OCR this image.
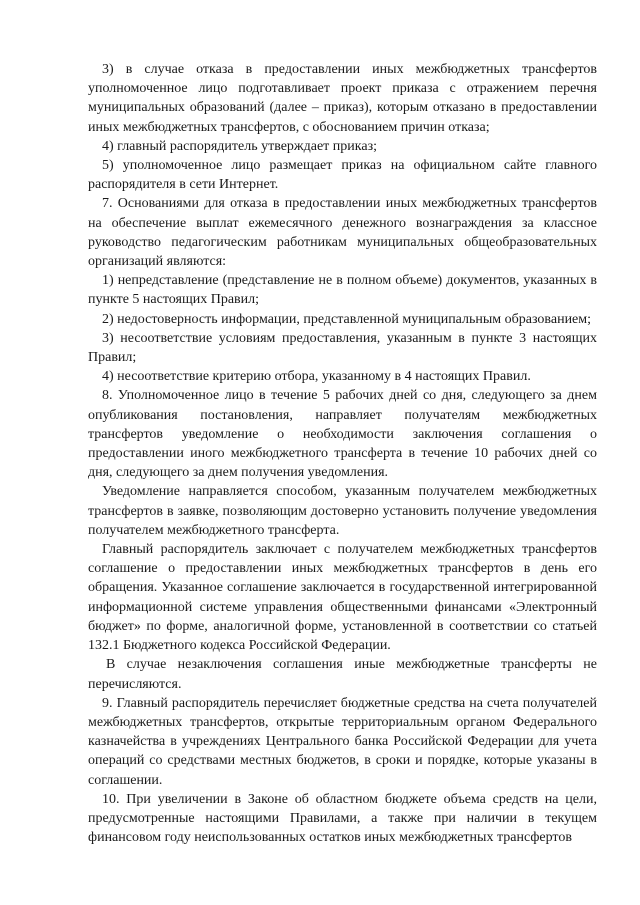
3) в случае отказа в предоставлении иных межбюджетных трансфертов уполномоченное лицо подготавливает проект приказа с отражением перечня муниципальных образований (далее – приказ), которым отказано в предоставлении иных межбюджетных трансфертов, с обоснованием причин отказа;

4) главный распорядитель утверждает приказ;

5) уполномоченное лицо размещает приказ на официальном сайте главного распорядителя в сети Интернет.

7. Основаниями для отказа в предоставлении иных межбюджетных трансфертов на обеспечение выплат ежемесячного денежного вознаграждения за классное руководство педагогическим работникам муниципальных общеобразовательных организаций являются:

1) непредставление (представление не в полном объеме) документов, указанных в пункте 5 настоящих Правил;

2) недостоверность информации, представленной муниципальным образованием;

3) несоответствие условиям предоставления, указанным в пункте 3 настоящих Правил;

4) несоответствие критерию отбора, указанному в 4 настоящих Правил.

8. Уполномоченное лицо в течение 5 рабочих дней со дня, следующего за днем опубликования постановления, направляет получателям межбюджетных трансфертов уведомление о необходимости заключения соглашения о предоставлении иного межбюджетного трансферта в течение 10 рабочих дней со дня, следующего за днем получения уведомления.

Уведомление направляется способом, указанным получателем межбюджетных трансфертов в заявке, позволяющим достоверно установить получение уведомления получателем межбюджетного трансферта.

Главный распорядитель заключает с получателем межбюджетных трансфертов соглашение о предоставлении иных межбюджетных трансфертов в день его обращения. Указанное соглашение заключается в государственной интегрированной информационной системе управления общественными финансами «Электронный бюджет» по форме, аналогичной форме, установленной в соответствии со статьей 132.1 Бюджетного кодекса Российской Федерации.

В случае незаключения соглашения иные межбюджетные трансферты не перечисляются.

9. Главный распорядитель перечисляет бюджетные средства на счета получателей межбюджетных трансфертов, открытые территориальным органом Федерального казначейства в учреждениях Центрального банка Российской Федерации для учета операций со средствами местных бюджетов, в сроки и порядке, которые указаны в соглашении.

10. При увеличении в Законе об областном бюджете объема средств на цели, предусмотренные настоящими Правилами, а также при наличии в текущем финансовом году неиспользованных остатков иных межбюджетных трансфертов
